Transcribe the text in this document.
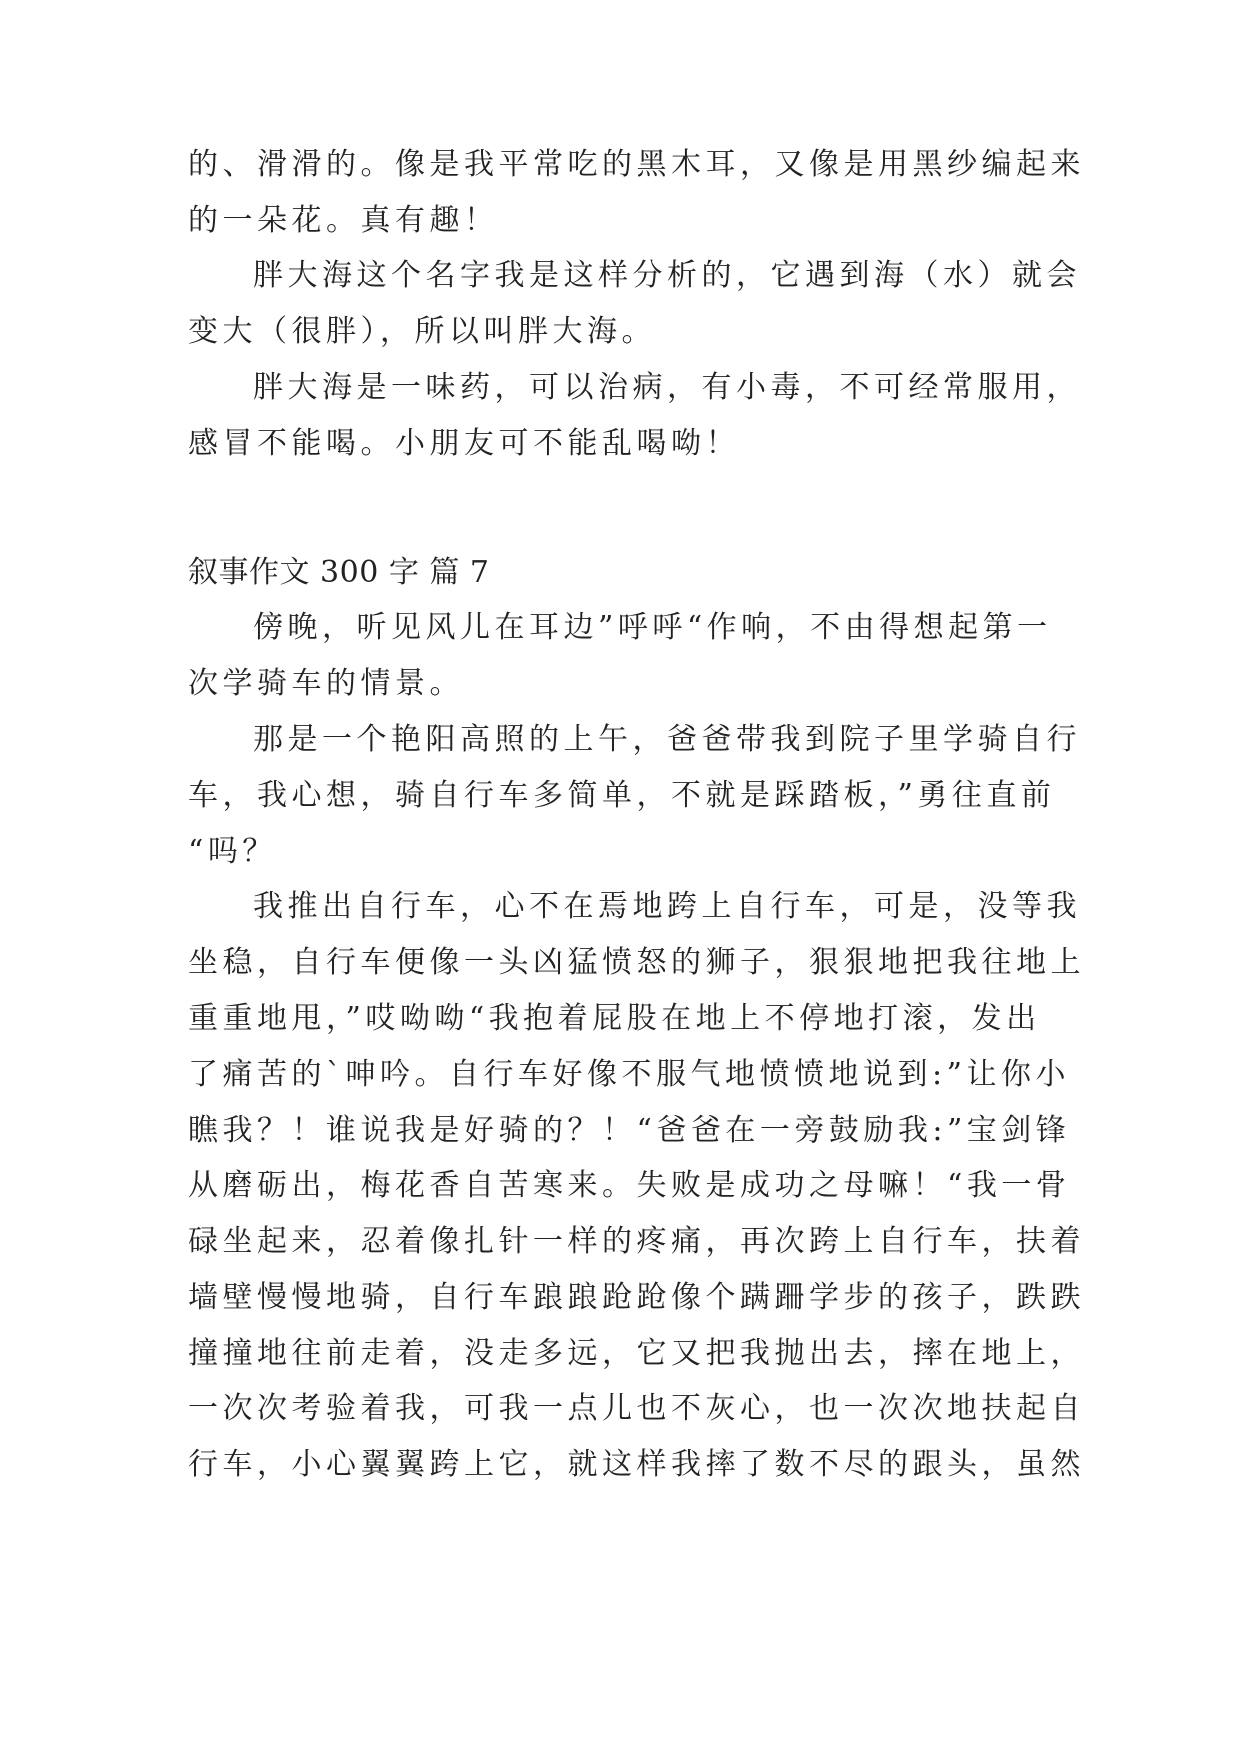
的、滑滑的。像是我平常吃的黑木耳，又像是用黑纱编起来
的一朵花。真有趣！
胖大海这个名字我是这样分析的，它遇到海（水）就会
变大（很胖），所以叫胖大海。
胖大海是一味药，可以治病，有小毒，不可经常服用，
感冒不能喝。小朋友可不能乱喝呦！
叙事作文 300 字 篇 7
傍晚，听见风儿在耳边”呼呼“作响，不由得想起第一
次学骑车的情景。
那是一个艳阳高照的上午，爸爸带我到院子里学骑自行
车，我心想，骑自行车多简单，不就是踩踏板，”勇往直前
“吗？
我推出自行车，心不在焉地跨上自行车，可是，没等我
坐稳，自行车便像一头凶猛愤怒的狮子，狠狠地把我往地上
重重地甩，”哎呦呦“我抱着屁股在地上不停地打滚，发出
了痛苦的`呻吟。自行车好像不服气地愤愤地说到:”让你小
瞧我？！谁说我是好骑的？！“爸爸在一旁鼓励我:”宝剑锋
从磨砺出，梅花香自苦寒来。失败是成功之母嘛！“我一骨
碌坐起来，忍着像扎针一样的疼痛，再次跨上自行车，扶着
墙壁慢慢地骑，自行车踉踉跄跄像个蹒跚学步的孩子，跌跌
撞撞地往前走着，没走多远，它又把我抛出去，摔在地上，
一次次考验着我，可我一点儿也不灰心，也一次次地扶起自
行车，小心翼翼跨上它，就这样我摔了数不尽的跟头，虽然
